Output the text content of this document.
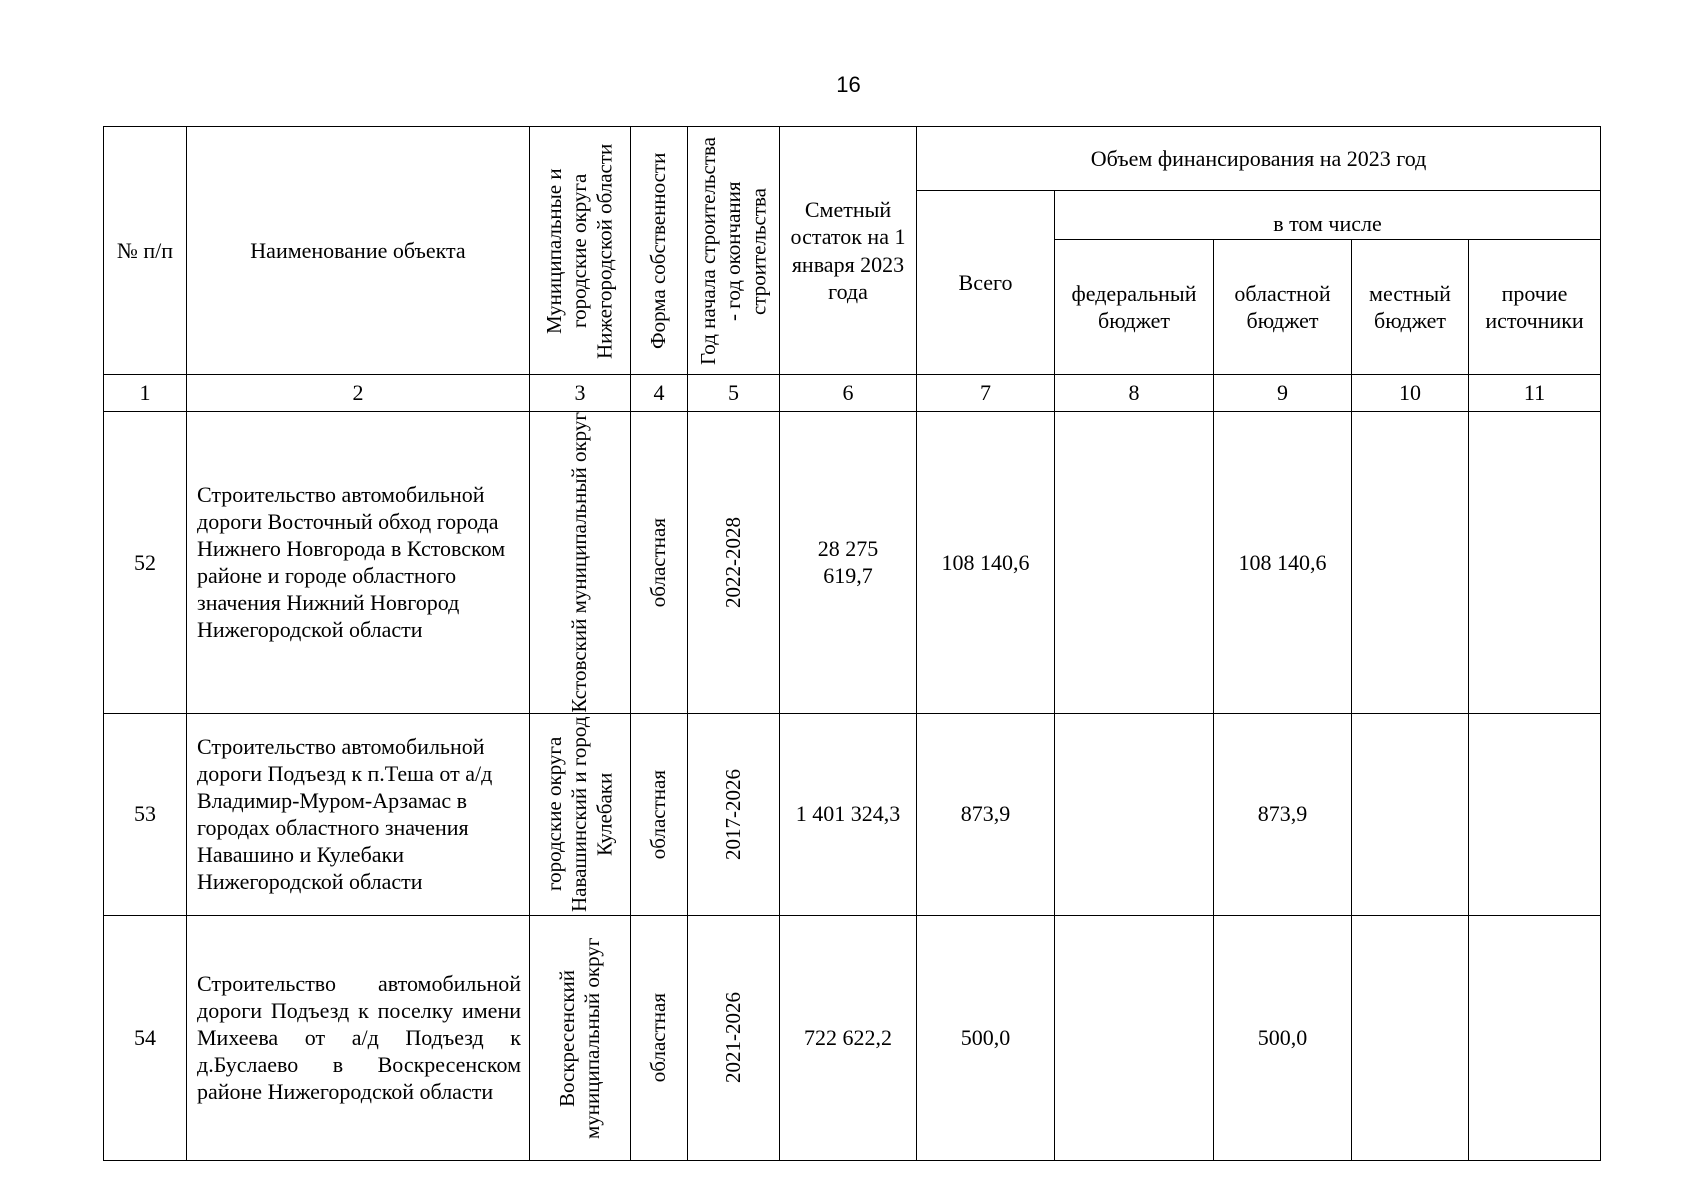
16
№ п/п	Наименование объекта	Муниципальные и городские округа Нижегородской области	Форма собственности	Год начала строительства - год окончания строительства	Сметный остаток на 1 января 2023 года	Объем финансирования на 2023 год				
						Всего	в том числе			

							федеральный бюджет	областной бюджет	местный бюджет	прочие источники

1	2	3	4	5	6	7	8	9	10	11
52	Строительство автомобильной дороги Восточный обход города Нижнего Новгорода в Кстовском районе и городе областного значения Нижний Новгород Нижегородской области	Кстовский муниципальный округ	областная	2022-2028	28 275 619,7	108 140,6		108 140,6		
53	Строительство автомобильной дороги Подъезд к п.Теша от а/д Владимир-Муром-Арзамас в городах областного значения Навашино и Кулебаки Нижегородской области	городские округа Навашинский и город Кулебаки	областная	2017-2026	1 401 324,3	873,9		873,9		
54	Строительство автомобильной дороги Подъезд к поселку имени Михеева от а/д Подъезд к д.Буслаево в Воскресенском районе Нижегородской области	Воскресенский муниципальный округ	областная	2021-2026	722 622,2	500,0		500,0		
